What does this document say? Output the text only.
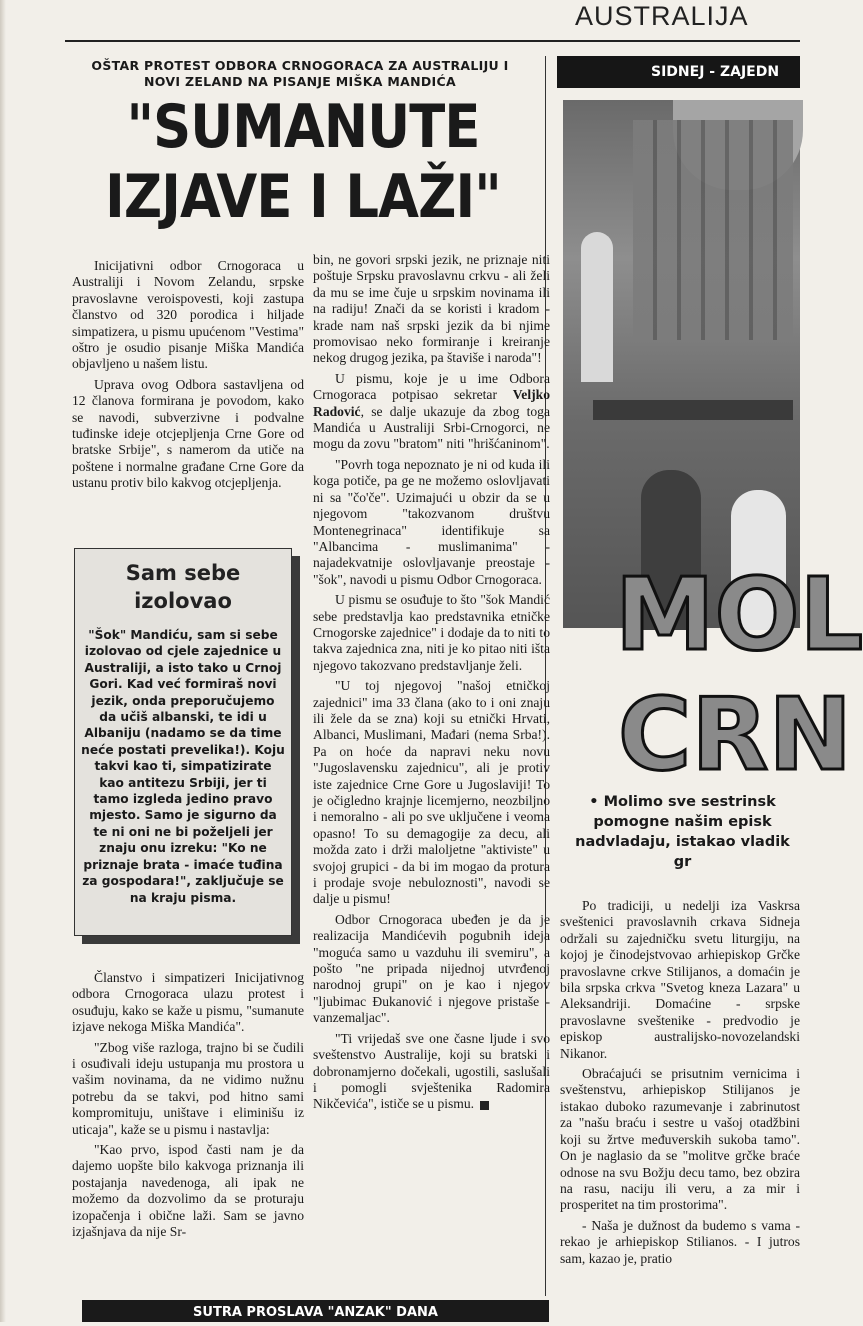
AUSTRALIJA
OŠTAR PROTEST ODBORA CRNOGORACA ZA AUSTRALIJU I NOVI ZELAND NA PISANJE MIŠKA MANDIĆA
"SUMANUTE
IZJAVE I LAŽI"

Inicijativni odbor Crnogoraca u Australiji i Novom Zelandu, srpske pravoslavne veroispovesti, koji zastupa članstvo od 320 porodica i hiljade simpatizera, u pismu upućenom "Vestima" oštro je osudio pisanje Miška Mandića objavljeno u našem listu.

Uprava ovog Odbora sastavljena od 12 članova formirana je povodom, kako se navodi, subverzivne i podvalne tuđinske ideje otcjepljenja Crne Gore od bratske Srbije", s namerom da utiče na poštene i normalne građane Crne Gore da ustanu protiv bilo kakvog otcjepljenja.

Sam sebe
izolovao
"Šok" Mandiću, sam si sebe izolovao od cjele zajednice u Australiji, a isto tako u Crnoj Gori. Kad već formiraš novi jezik, onda preporučujemo da učiš albanski, te idi u Albaniju (nadamo se da time neće postati prevelika!). Koju takvi kao ti, simpatizirate kao antitezu Srbiji, jer ti tamo izgleda jedino pravo mjesto. Samo je sigurno da te ni oni ne bi poželjeli jer znaju onu izreku: "Ko ne priznaje brata - imaće tuđina za gospodara!", zaključuje se na kraju pisma.

Članstvo i simpatizeri Inicijativnog odbora Crnogoraca ulazu protest i osuđuju, kako se kaže u pismu, "sumanute izjave nekoga Miška Mandića".

"Zbog više razloga, trajno bi se čudili i osuđivali ideju ustupanja mu prostora u vašim novinama, da ne vidimo nužnu potrebu da se takvi, pod hitno sami kompromituju, uništave i eliminišu iz uticaja", kaže se u pismu i nastavlja:

"Kao prvo, ispod časti nam je da dajemo uopšte bilo kakvoga priznanja ili postajanja navedenoga, ali ipak ne možemo da dozvolimo da se proturaju izopačenja i obične laži. Sam se javno izjašnjava da nije Sr-

bin, ne govori srpski jezik, ne priznaje niti poštuje Srpsku pravoslavnu crkvu - ali želi da mu se ime čuje u srpskim novinama ili na radiju! Znači da se koristi i kradom - krade nam naš srpski jezik da bi njime promovisao neko formiranje i kreiranje nekog drugog jezika, pa štaviše i naroda"!

U pismu, koje je u ime Odbora Crnogoraca potpisao sekretar Veljko Radović, se dalje ukazuje da zbog toga Mandića u Australiji Srbi-Crnogorci, ne mogu da zovu "bratom" niti "hrišćaninom".

"Povrh toga nepoznato je ni od kuda ili koga potiče, pa ge ne možemo oslovljavati ni sa "čo'če". Uzimajući u obzir da se u njegovom "takozvanom društvu Montenegrinaca" identifikuje sa "Albancima - muslimanima" - najadekvatnije oslovljavanje preostaje - "šok", navodi u pismu Odbor Crnogoraca.

U pismu se osuđuje to što "šok Mandić sebe predstavlja kao predstavnika etničke Crnogorske zajednice" i dodaje da to niti to takva zajednica zna, niti je ko pitao niti išta njegovo takozvano predstavljanje želi.

"U toj njegovoj "našoj etničkoj zajednici" ima 33 člana (ako to i oni znaju ili žele da se zna) koji su etnički Hrvati, Albanci, Muslimani, Mađari (nema Srba!). Pa on hoće da napravi neku novu "Jugoslavensku zajednicu", ali je protiv iste zajednice Crne Gore u Jugoslaviji! To je očigledno krajnje licemjerno, neozbiljno i nemoralno - ali po sve uključene i veoma opasno! To su demagogije za decu, ali možda zato i drži maloljetne "aktiviste" u svojoj grupici - da bi im mogao da protura i prodaje svoje nebuloznosti", navodi se dalje u pismu!

Odbor Crnogoraca ubeđen je da je realizacija Mandićevih pogubnih ideja "moguća samo u vazduhu ili svemiru", a pošto "ne pripada nijednoj utvrđenoj narodnoj grupi" on je kao i njegov "ljubimac Đukanović i njegove pristaše - vanzemaljac".

"Ti vrijedaš sve one časne ljude i svo sveštenstvo Australije, koji su bratski i dobronamjerno dočekali, ugostili, saslušali i pomogli svještenika Radomira Nikčevića", ističe se u pismu.

SIDNEJ - ZAJEDN
MOL
CRN
• Molimo sve sestrinsk
pomogne našim episk
nadvladaju, istakao vladik
gr

Po tradiciji, u nedelji iza Vaskrsa sveštenici pravoslavnih crkava Sidneja održali su zajedničku svetu liturgiju, na kojoj je činodejstvovao arhiepiskop Grčke pravoslavne crkve Stilijanos, a domaćin je bila srpska crkva "Svetog kneza Lazara" u Aleksandriji. Domaćine - srpske pravoslavne sveštenike - predvodio je episkop australijsko-novozelandski Nikanor.

Obraćajući se prisutnim vernicima i sveštenstvu, arhiepiskop Stilijanos je istakao duboko razumevanje i zabrinutost za "našu braću i sestre u vašoj otadžbini koji su žrtve međuverskih sukoba tamo". On je naglasio da se "molitve grčke braće odnose na svu Božju decu tamo, bez obzira na rasu, naciju ili veru, a za mir i prosperitet na tim prostorima".

- Naša je dužnost da budemo s vama - rekao je arhiepiskop Stilianos. - I jutros sam, kazao je, pratio

SUTRA PROSLAVA "ANZAK" DANA
